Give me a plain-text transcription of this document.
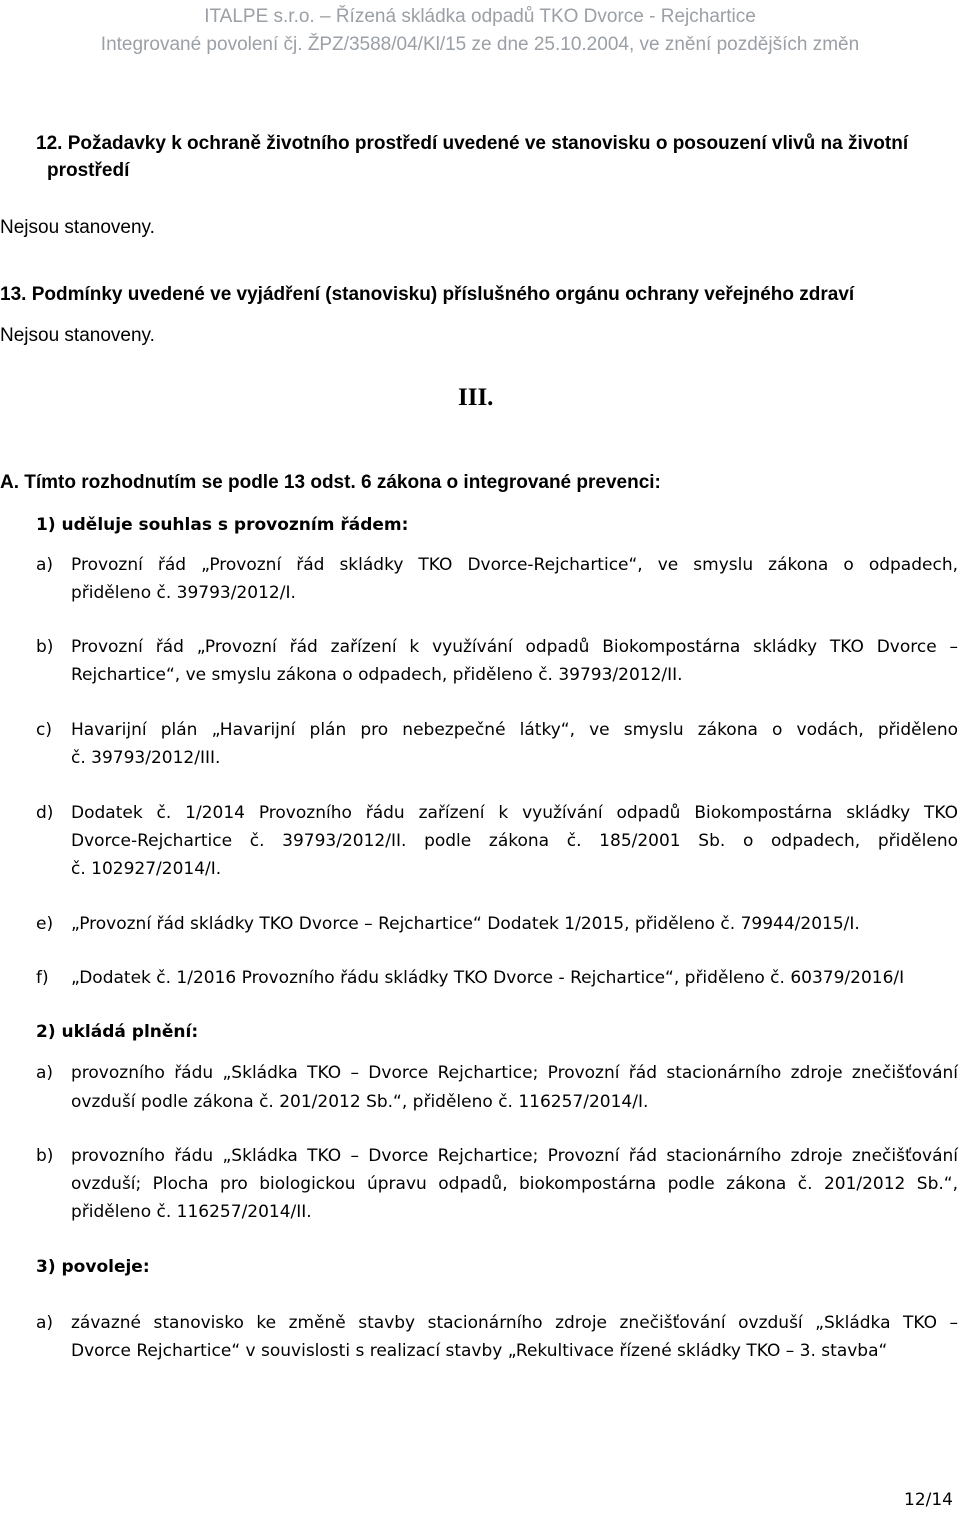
ITALPE s.r.o. – Řízená skládka odpadů TKO Dvorce - Rejchartice
Integrované povolení čj. ŽPZ/3588/04/Kl/15 ze dne 25.10.2004, ve znění pozdějších změn
12. Požadavky k ochraně životního prostředí uvedené ve stanovisku o posouzení vlivů na životní
prostředí
Nejsou stanoveny.
13. Podmínky uvedené ve vyjádření (stanovisku) příslušného orgánu ochrany veřejného zdraví
Nejsou stanoveny.
III.
A. Tímto rozhodnutím se podle 13 odst. 6 zákona o integrované prevenci:
1) uděluje souhlas s provozním řádem:
a) Provozní řád „Provozní řád skládky TKO Dvorce-Rejchartice“, ve smyslu zákona o odpadech,
přiděleno č. 39793/2012/I.
b) Provozní řád „Provozní řád zařízení k využívání odpadů Biokompostárna skládky TKO Dvorce –
Rejchartice“, ve smyslu zákona o odpadech, přiděleno č. 39793/2012/II.
c) Havarijní plán „Havarijní plán pro nebezpečné látky“, ve smyslu zákona o vodách, přiděleno
č. 39793/2012/III.
d) Dodatek č. 1/2014 Provozního řádu zařízení k využívání odpadů Biokompostárna skládky TKO
Dvorce-Rejchartice č. 39793/2012/II. podle zákona č. 185/2001 Sb. o odpadech, přiděleno
č. 102927/2014/I.
e) „Provozní řád skládky TKO Dvorce – Rejchartice“ Dodatek 1/2015, přiděleno č. 79944/2015/I.
f) „Dodatek č. 1/2016 Provozního řádu skládky TKO Dvorce - Rejchartice“, přiděleno č. 60379/2016/I
2) ukládá plnění:
a) provozního řádu „Skládka TKO – Dvorce Rejchartice; Provozní řád stacionárního zdroje znečišťování
ovzduší podle zákona č. 201/2012 Sb.“, přiděleno č. 116257/2014/I.
b) provozního řádu „Skládka TKO – Dvorce Rejchartice; Provozní řád stacionárního zdroje znečišťování
ovzduší; Plocha pro biologickou úpravu odpadů, biokompostárna podle zákona č. 201/2012 Sb.“,
přiděleno č. 116257/2014/II.
3) povoleje:
a) závazné stanovisko ke změně stavby stacionárního zdroje znečišťování ovzduší „Skládka TKO –
Dvorce Rejchartice“ v souvislosti s realizací stavby „Rekultivace řízené skládky TKO – 3. stavba“
12/14
